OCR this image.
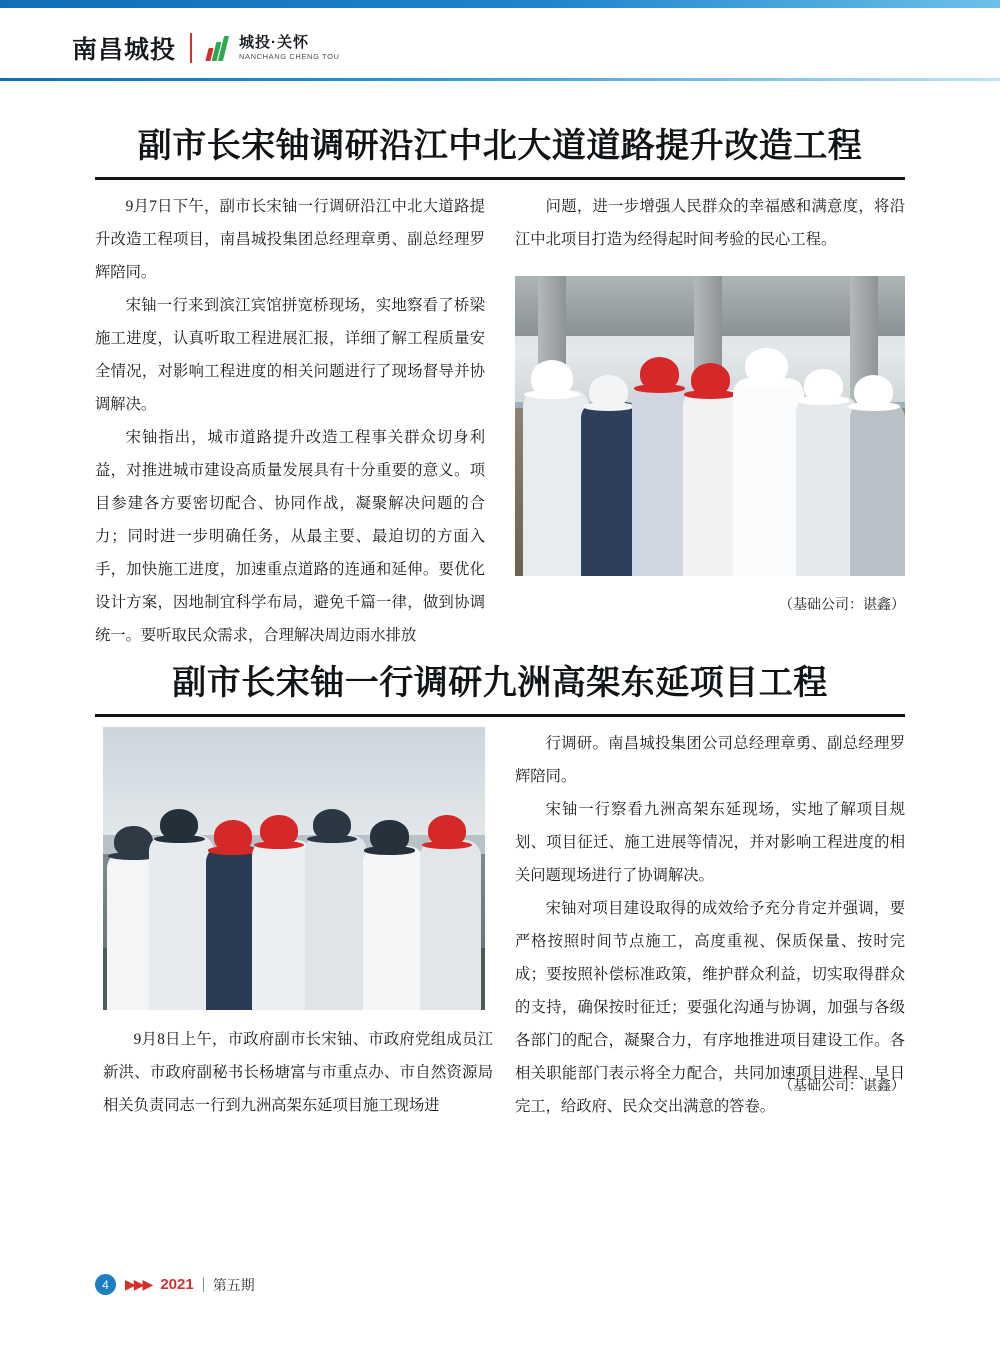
南昌城投	城投·关怀
NANCHANG CHENG TOU
副市长宋铀调研沿江中北大道道路提升改造工程

9月7日下午，副市长宋铀一行调研沿江中北大道路提升改造工程项目，南昌城投集团总经理章勇、副总经理罗辉陪同。

宋铀一行来到滨江宾馆拼宽桥现场，实地察看了桥梁施工进度，认真听取工程进展汇报，详细了解工程质量安全情况，对影响工程进度的相关问题进行了现场督导并协调解决。

宋铀指出，城市道路提升改造工程事关群众切身利益，对推进城市建设高质量发展具有十分重要的意义。项目参建各方要密切配合、协同作战，凝聚解决问题的合力；同时进一步明确任务，从最主要、最迫切的方面入手，加快施工进度，加速重点道路的连通和延伸。要优化设计方案，因地制宜科学布局，避免千篇一律，做到协调统一。要听取民众需求，合理解决周边雨水排放

问题，进一步增强人民群众的幸福感和满意度，将沿江中北项目打造为经得起时间考验的民心工程。

（基础公司：谌鑫）
副市长宋铀一行调研九洲高架东延项目工程

9月8日上午，市政府副市长宋铀、市政府党组成员江新洪、市政府副秘书长杨塘富与市重点办、市自然资源局相关负责同志一行到九洲高架东延项目施工现场进

行调研。南昌城投集团公司总经理章勇、副总经理罗辉陪同。

宋铀一行察看九洲高架东延现场，实地了解项目规划、项目征迁、施工进展等情况，并对影响工程进度的相关问题现场进行了协调解决。

宋铀对项目建设取得的成效给予充分肯定并强调，要严格按照时间节点施工，高度重视、保质保量、按时完成；要按照补偿标准政策，维护群众利益，切实取得群众的支持，确保按时征迁；要强化沟通与协调，加强与各级各部门的配合，凝聚合力，有序地推进项目建设工作。各相关职能部门表示将全力配合，共同加速项目进程、早日完工，给政府、民众交出满意的答卷。

（基础公司：谌鑫）
4	▶▶▶ 2021 第五期
